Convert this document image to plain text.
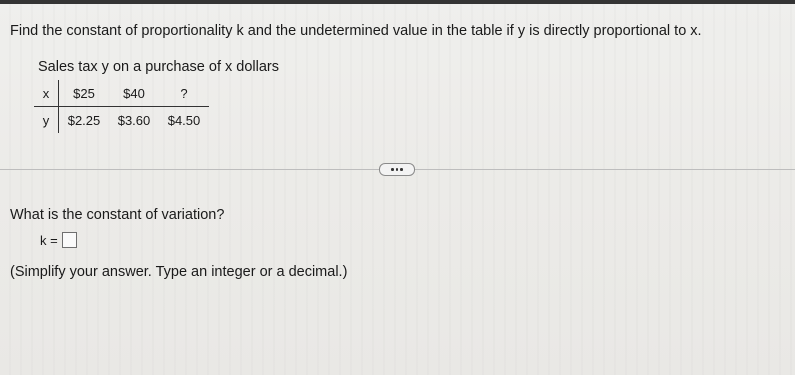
Find the constant of proportionality k and the undetermined value in the table if y is directly proportional to x.
Sales tax y on a purchase of x dollars
x	$25	$40	?
y	$2.25	$3.60	$4.50
What is the constant of variation?
k =
(Simplify your answer. Type an integer or a decimal.)
